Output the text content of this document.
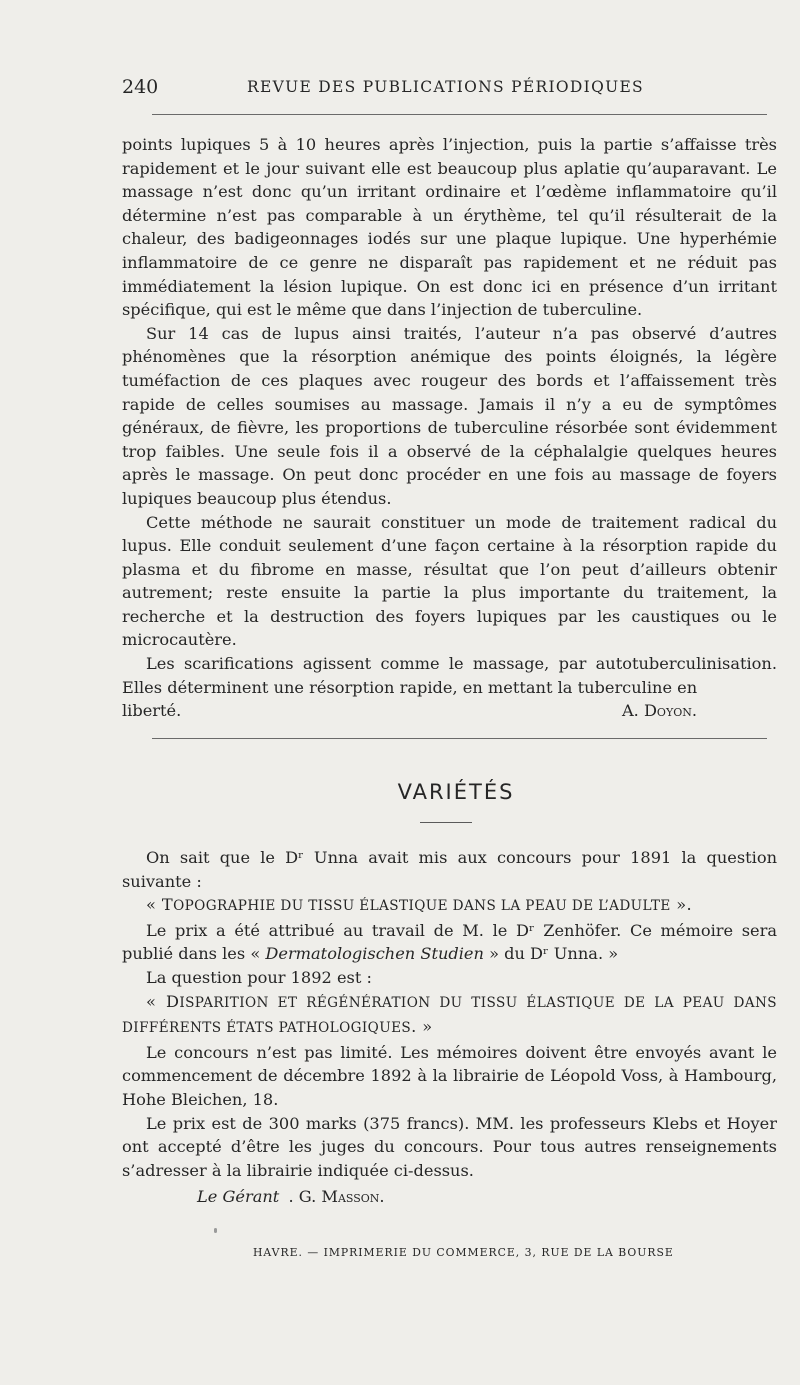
240	REVUE DES PUBLICATIONS PÉRIODIQUES

points lupiques 5 à 10 heures après l’injection, puis la partie s’affaisse très rapidement et le jour suivant elle est beaucoup plus aplatie qu’auparavant. Le massage n’est donc qu’un irritant ordinaire et l’œdème inflammatoire qu’il détermine n’est pas comparable à un érythème, tel qu’il résulterait de la chaleur, des badigeonnages iodés sur une plaque lupique. Une hyperhémie inflammatoire de ce genre ne disparaît pas rapidement et ne réduit pas immédiatement la lésion lupique. On est donc ici en présence d’un irritant spécifique, qui est le même que dans l’injection de tuberculine.

Sur 14 cas de lupus ainsi traités, l’auteur n’a pas observé d’autres phénomènes que la résorption anémique des points éloignés, la légère tuméfaction de ces plaques avec rougeur des bords et l’affaissement très rapide de celles soumises au massage. Jamais il n’y a eu de symptômes généraux, de fièvre, les proportions de tuberculine résorbée sont évidemment trop faibles. Une seule fois il a observé de la céphalalgie quelques heures après le massage. On peut donc procéder en une fois au massage de foyers lupiques beaucoup plus étendus.

Cette méthode ne saurait constituer un mode de traitement radical du lupus. Elle conduit seulement d’une façon certaine à la résorption rapide du plasma et du fibrome en masse, résultat que l’on peut d’ailleurs obtenir autrement; reste ensuite la partie la plus importante du traitement, la recherche et la destruction des foyers lupiques par les caustiques ou le microcautère.

Les scarifications agissent comme le massage, par autotuberculinisation. Elles déterminent une résorption rapide, en mettant la tuberculine en

liberté.	A. Doyon.

VARIÉTÉS

On sait que le Dʳ Unna avait mis aux concours pour 1891 la question suivante :

« TOPOGRAPHIE DU TISSU ÉLASTIQUE DANS LA PEAU DE L’ADULTE ».

Le prix a été attribué au travail de M. le Dʳ Zenhöfer. Ce mémoire sera publié dans les « Dermatologischen Studien » du Dʳ Unna. »

La question pour 1892 est :

« DISPARITION ET RÉGÉNÉRATION DU TISSU ÉLASTIQUE DE LA PEAU DANS DIFFÉRENTS ÉTATS PATHOLOGIQUES. »

Le concours n’est pas limité. Les mémoires doivent être envoyés avant le commencement de décembre 1892 à la librairie de Léopold Voss, à Hambourg, Hohe Bleichen, 18.

Le prix est de 300 marks (375 francs). MM. les professeurs Klebs et Hoyer ont accepté d’être les juges du concours. Pour tous autres renseignements s’adresser à la librairie indiquée ci-dessus.

Le Gérant . G. Masson.
HAVRE. — IMPRIMERIE DU COMMERCE, 3, RUE DE LA BOURSE
